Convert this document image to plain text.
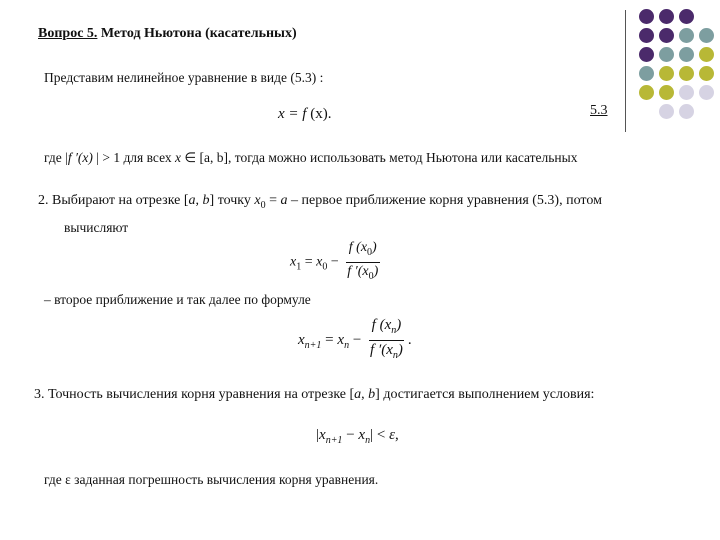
Вопрос 5. Метод Ньютона (касательных)
Представим нелинейное уравнение в виде (5.3) :
x = f (x).	5.3
где |f ′(x) | > 1 для всех x ∈ [a, b], тогда можно использовать метод Ньютона или касательных
2. Выбирают на отрезке [a, b] точку $x_0 = a$ – первое приближение корня уравнения (5.3), потом
вычисляют
$x_1 = x_0 - \frac{f (x_0)}{f '(x_0)}$
– второе приближение и так далее по формуле
$x_{n+1} = x_n - \frac{f (x_n)}{f '(x_n)}$ .
3. Точность вычисления корня уравнения на отрезке [a, b] достигается выполнением условия:
$|x_{n+1} - x_n| < \varepsilon$,
где ε заданная погрешность вычисления корня уравнения.
